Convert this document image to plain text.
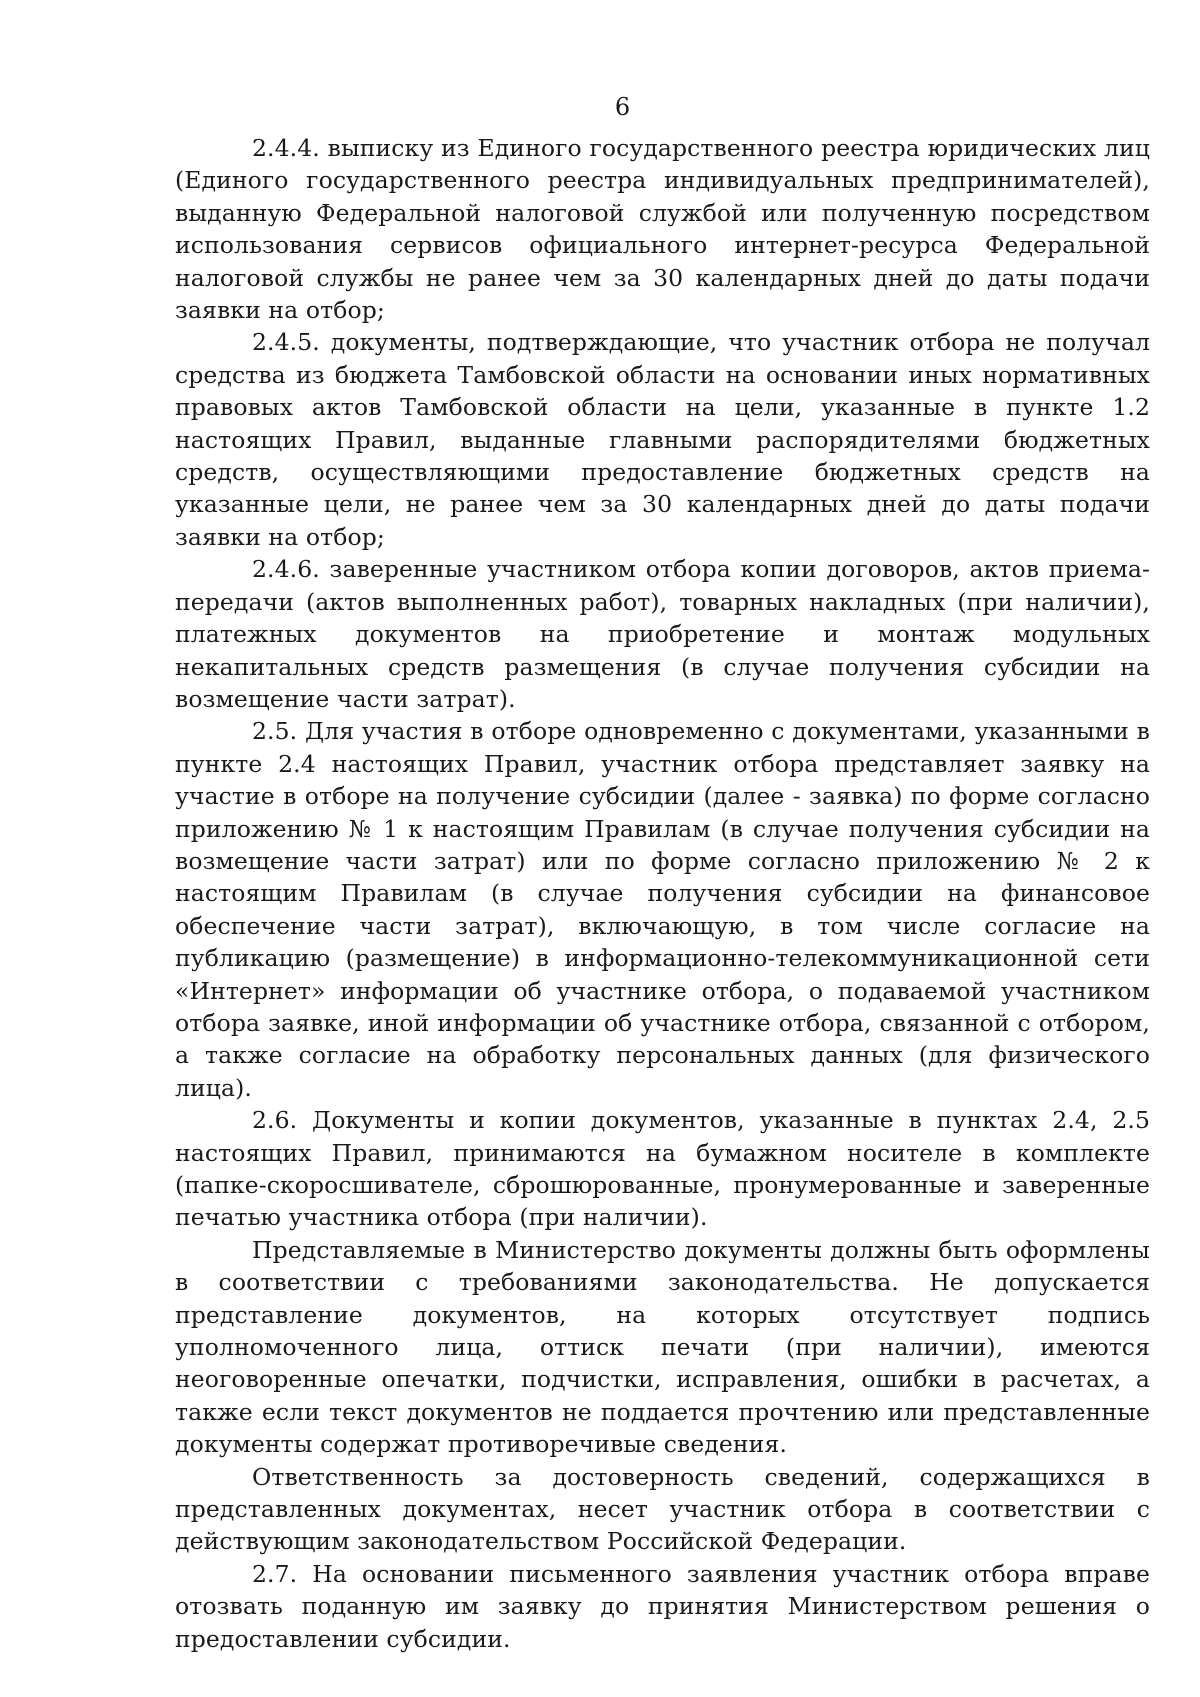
6

2.4.4. выписку из Единого государственного реестра юридических лиц (Единого государственного реестра индивидуальных предпринимателей), выданную Федеральной налоговой службой или полученную посредством использования сервисов официального интернет-ресурса Федеральной налоговой службы не ранее чем за 30 календарных дней до даты подачи заявки на отбор;

2.4.5. документы, подтверждающие, что участник отбора не получал средства из бюджета Тамбовской области на основании иных нормативных правовых актов Тамбовской области на цели, указанные в пункте 1.2 настоящих Правил, выданные главными распорядителями бюджетных средств, осуществляющими предоставление бюджетных средств на указанные цели, не ранее чем за 30 календарных дней до даты подачи заявки на отбор;

2.4.6. заверенные участником отбора копии договоров, актов приема-передачи (актов выполненных работ), товарных накладных (при наличии), платежных документов на приобретение и монтаж модульных некапитальных средств размещения (в случае получения субсидии на возмещение части затрат).

2.5. Для участия в отборе одновременно с документами, указанными в пункте 2.4 настоящих Правил, участник отбора представляет заявку на участие в отборе на получение субсидии (далее - заявка) по форме согласно приложению № 1 к настоящим Правилам (в случае получения субсидии на возмещение части затрат) или по форме согласно приложению № 2 к настоящим Правилам (в случае получения субсидии на финансовое обеспечение части затрат), включающую, в том числе согласие на публикацию (размещение) в информационно-телекоммуникационной сети «Интернет» информации об участнике отбора, о подаваемой участником отбора заявке, иной информации об участнике отбора, связанной с отбором, а также согласие на обработку персональных данных (для физического лица).

2.6. Документы и копии документов, указанные в пунктах 2.4, 2.5 настоящих Правил, принимаются на бумажном носителе в комплекте (папке-скоросшивателе, сброшюрованные, пронумерованные и заверенные печатью участника отбора (при наличии).

Представляемые в Министерство документы должны быть оформлены в соответствии с требованиями законодательства. Не допускается представление документов, на которых отсутствует подпись уполномоченного лица, оттиск печати (при наличии), имеются неоговоренные опечатки, подчистки, исправления, ошибки в расчетах, а также если текст документов не поддается прочтению или представленные документы содержат противоречивые сведения.

Ответственность за достоверность сведений, содержащихся в представленных документах, несет участник отбора в соответствии с действующим законодательством Российской Федерации.

2.7. На основании письменного заявления участник отбора вправе отозвать поданную им заявку до принятия Министерством решения о предоставлении субсидии.
